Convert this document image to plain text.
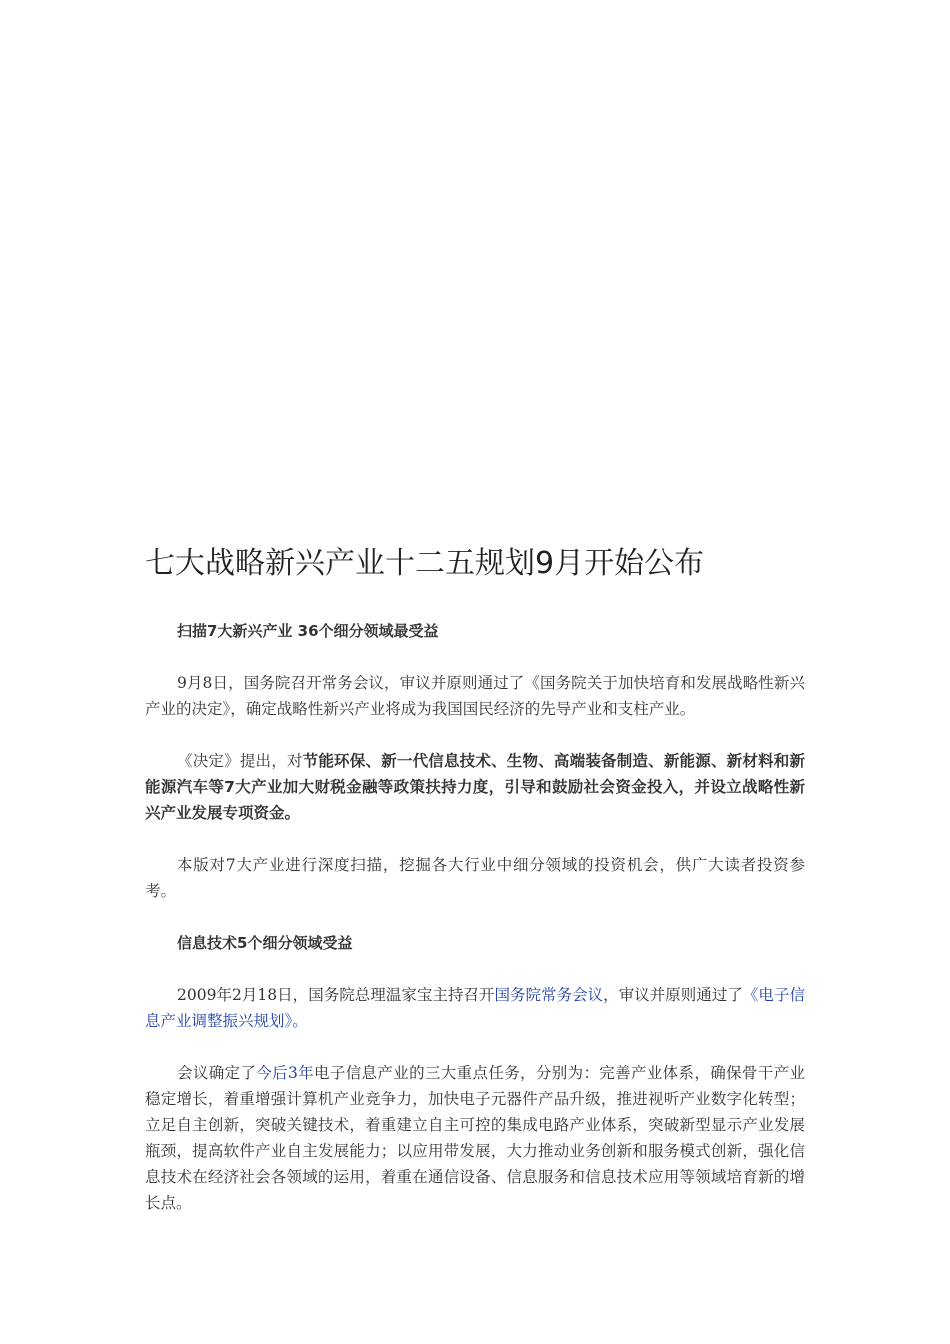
七大战略新兴产业十二五规划9月开始公布

扫描7大新兴产业 36个细分领域最受益

9月8日，国务院召开常务会议，审议并原则通过了《国务院关于加快培育和发展战略性新兴产业的决定》，确定战略性新兴产业将成为我国国民经济的先导产业和支柱产业。

《决定》提出，对节能环保、新一代信息技术、生物、高端装备制造、新能源、新材料和新能源汽车等7大产业加大财税金融等政策扶持力度，引导和鼓励社会资金投入，并设立战略性新兴产业发展专项资金。

本版对7大产业进行深度扫描，挖掘各大行业中细分领域的投资机会，供广大读者投资参考。

信息技术5个细分领域受益

2009年2月18日，国务院总理温家宝主持召开国务院常务会议，审议并原则通过了《电子信息产业调整振兴规划》。

会议确定了今后3年电子信息产业的三大重点任务，分别为：完善产业体系，确保骨干产业稳定增长，着重增强计算机产业竞争力，加快电子元器件产品升级，推进视听产业数字化转型；立足自主创新，突破关键技术，着重建立自主可控的集成电路产业体系，突破新型显示产业发展瓶颈，提高软件产业自主发展能力；以应用带发展，大力推动业务创新和服务模式创新，强化信息技术在经济社会各领域的运用，着重在通信设备、信息服务和信息技术应用等领域培育新的增长点。
